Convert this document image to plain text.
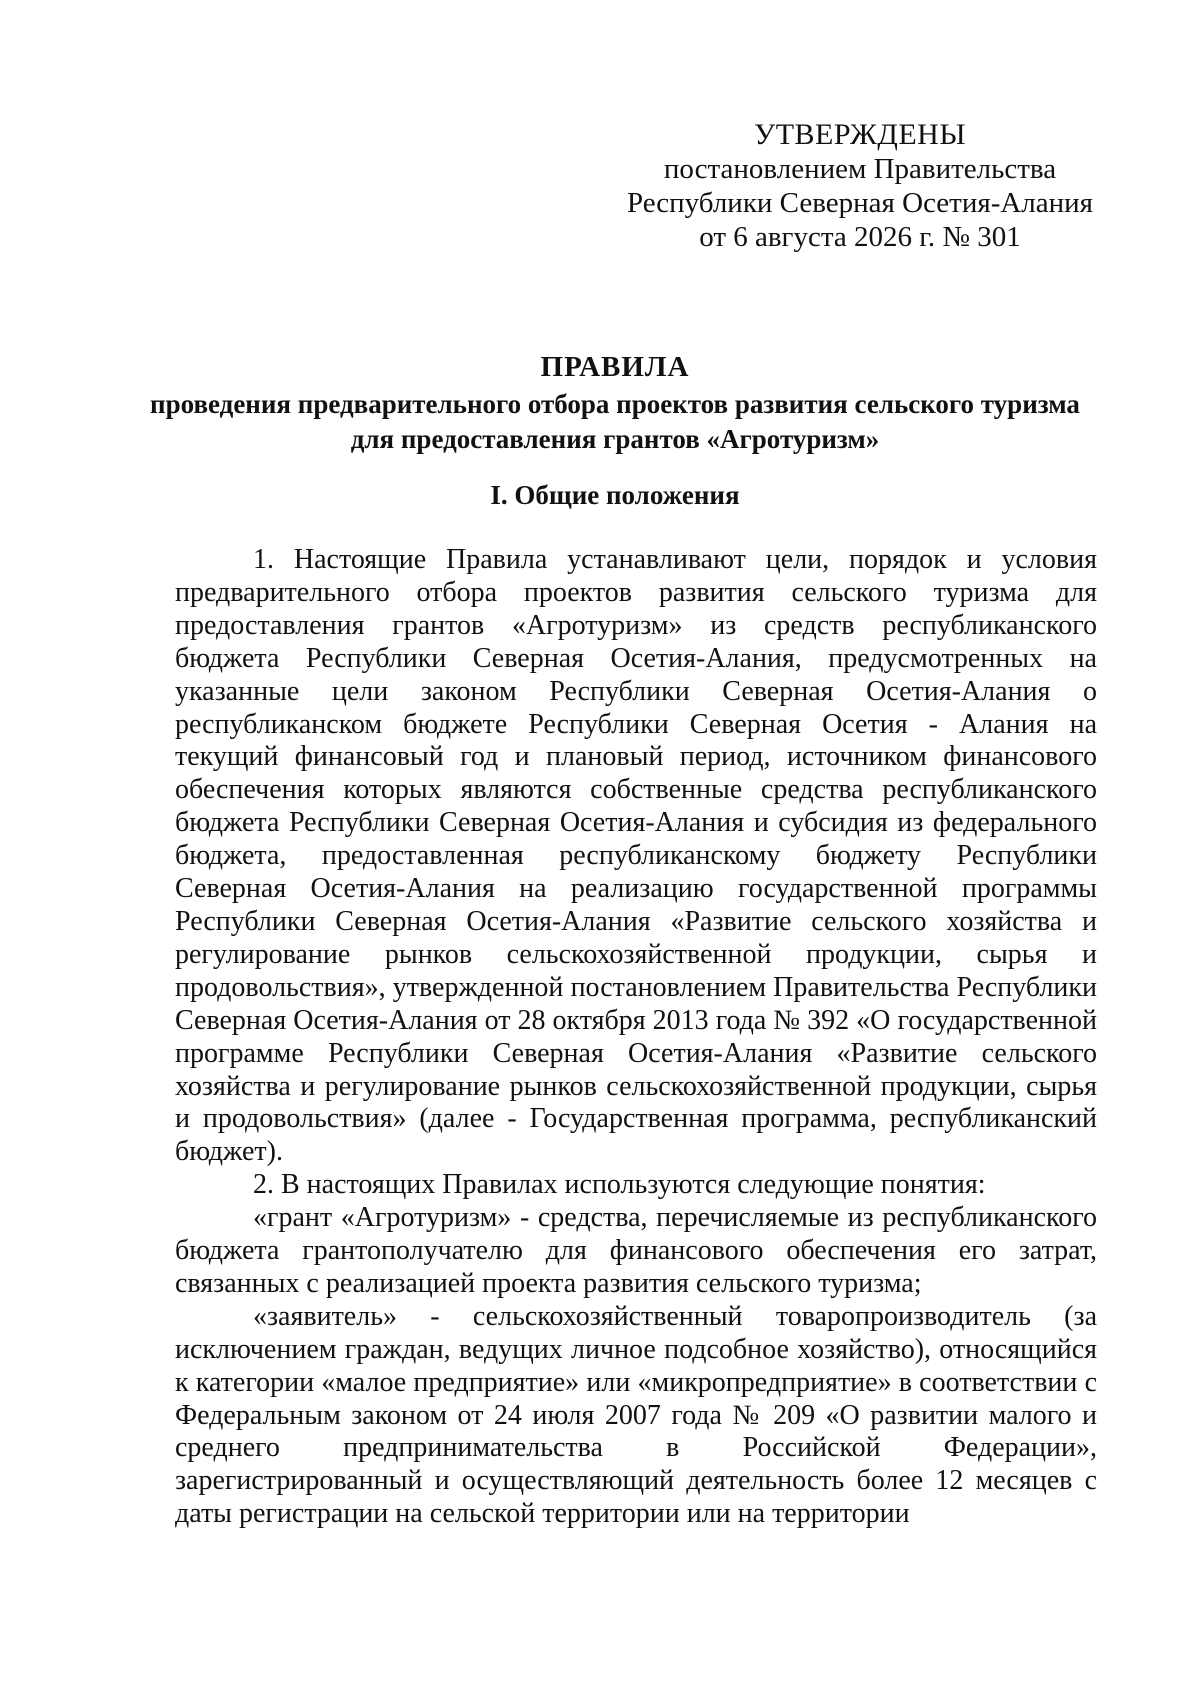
УТВЕРЖДЕНЫ
постановлением Правительства
Республики Северная Осетия-Алания
от 6 августа 2026 г. № 301
ПРАВИЛА
проведения предварительного отбора проектов развития сельского туризма для предоставления грантов «Агротуризм»
I. Общие положения

1. Настоящие Правила устанавливают цели, порядок и условия предварительного отбора проектов развития сельского туризма для предоставления грантов «Агротуризм» из средств республиканского бюджета Республики Северная Осетия-Алания, предусмотренных на указанные цели законом Республики Северная Осетия-Алания о республиканском бюджете Республики Северная Осетия - Алания на текущий финансовый год и плановый период, источником финансового обеспечения которых являются собственные средства республиканского бюджета Республики Северная Осетия-Алания и субсидия из федерального бюджета, предоставленная республиканскому бюджету Республики Северная Осетия-Алания на реализацию государственной программы Республики Северная Осетия-Алания «Развитие сельского хозяйства и регулирование рынков сельскохозяйственной продукции, сырья и продовольствия», утвержденной постановлением Правительства Республики Северная Осетия-Алания от 28 октября 2013 года № 392 «О государственной программе Республики Северная Осетия-Алания «Развитие сельского хозяйства и регулирование рынков сельскохозяйственной продукции, сырья и продовольствия» (далее - Государственная программа, республиканский бюджет).

2. В настоящих Правилах используются следующие понятия:

«грант «Агротуризм» - средства, перечисляемые из республиканского бюджета грантополучателю для финансового обеспечения его затрат, связанных с реализацией проекта развития сельского туризма;

«заявитель» - сельскохозяйственный товаропроизводитель (за исключением граждан, ведущих личное подсобное хозяйство), относящийся к категории «малое предприятие» или «микропредприятие» в соответствии с Федеральным законом от 24 июля 2007 года № 209 «О развитии малого и среднего предпринимательства в Российской Федерации», зарегистрированный и осуществляющий деятельность более 12 месяцев с даты регистрации на сельской территории или на территории
